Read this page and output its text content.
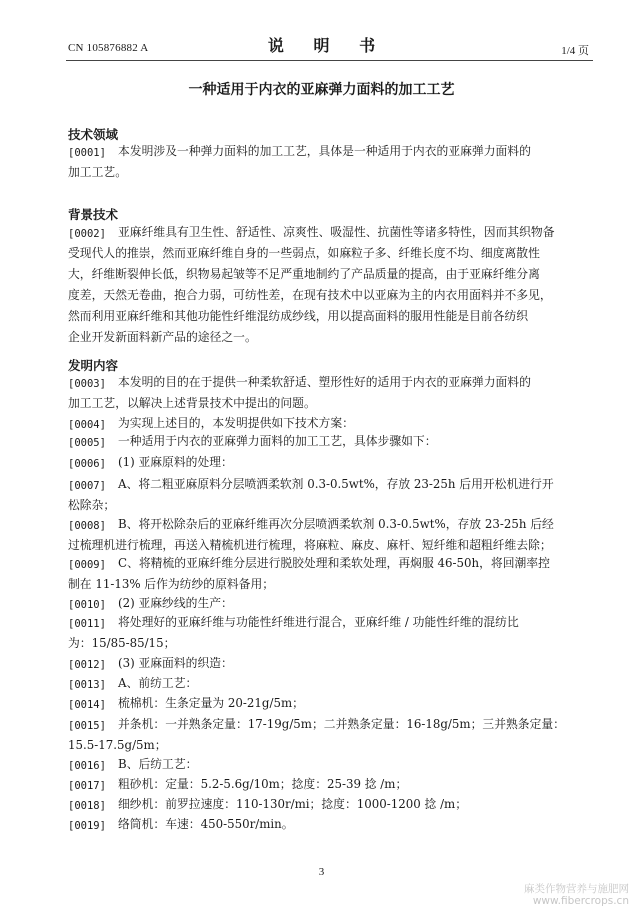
CN 105876882 A	说 明 书	1/4 页
一种适用于内衣的亚麻弹力面料的加工工艺
技术领域
[0001] 本发明涉及一种弹力面料的加工工艺，具体是一种适用于内衣的亚麻弹力面料的
加工工艺。
背景技术
[0002] 亚麻纤维具有卫生性、舒适性、凉爽性、吸湿性、抗菌性等诸多特性，因而其织物备
受现代人的推崇，然而亚麻纤维自身的一些弱点，如麻粒子多、纤维长度不均、细度离散性
大，纤维断裂伸长低，织物易起皱等不足严重地制约了产品质量的提高，由于亚麻纤维分离
度差，天然无卷曲，抱合力弱，可纺性差，在现有技术中以亚麻为主的内衣用面料并不多见，
然而利用亚麻纤维和其他功能性纤维混纺成纱线，用以提高面料的服用性能是目前各纺织
企业开发新面料新产品的途径之一。
发明内容
[0003] 本发明的目的在于提供一种柔软舒适、塑形性好的适用于内衣的亚麻弹力面料的
加工工艺，以解决上述背景技术中提出的问题。
[0004] 为实现上述目的，本发明提供如下技术方案：
[0005] 一种适用于内衣的亚麻弹力面料的加工工艺，具体步骤如下：
[0006] (1) 亚麻原料的处理：
[0007] A、将二粗亚麻原料分层喷洒柔软剂 0.3-0.5wt%，存放 23-25h 后用开松机进行开
松除杂；
[0008] B、将开松除杂后的亚麻纤维再次分层喷洒柔软剂 0.3-0.5wt%，存放 23-25h 后经
过梳理机进行梳理，再送入精梳机进行梳理，将麻粒、麻皮、麻杆、短纤维和超粗纤维去除；
[0009] C、将精梳的亚麻纤维分层进行脱胶处理和柔软处理，再焖服 46-50h，将回潮率控
制在 11-13% 后作为纺纱的原料备用；
[0010] (2) 亚麻纱线的生产：
[0011] 将处理好的亚麻纤维与功能性纤维进行混合，亚麻纤维 / 功能性纤维的混纺比
为：15/85-85/15；
[0012] (3) 亚麻面料的织造：
[0013] A、前纺工艺：
[0014] 梳棉机：生条定量为 20-21g/5m；
[0015] 并条机：一并熟条定量：17-19g/5m；二并熟条定量：16-18g/5m；三并熟条定量：
15.5-17.5g/5m；
[0016] B、后纺工艺：
[0017] 粗砂机：定量：5.2-5.6g/10m；捻度：25-39 捻 /m；
[0018] 细纱机：前罗拉速度：110-130r/mi；捻度：1000-1200 捻 /m；
[0019] 络筒机：车速：450-550r/min。
3
麻类作物营养与施肥网
www.fibercrops.cn
